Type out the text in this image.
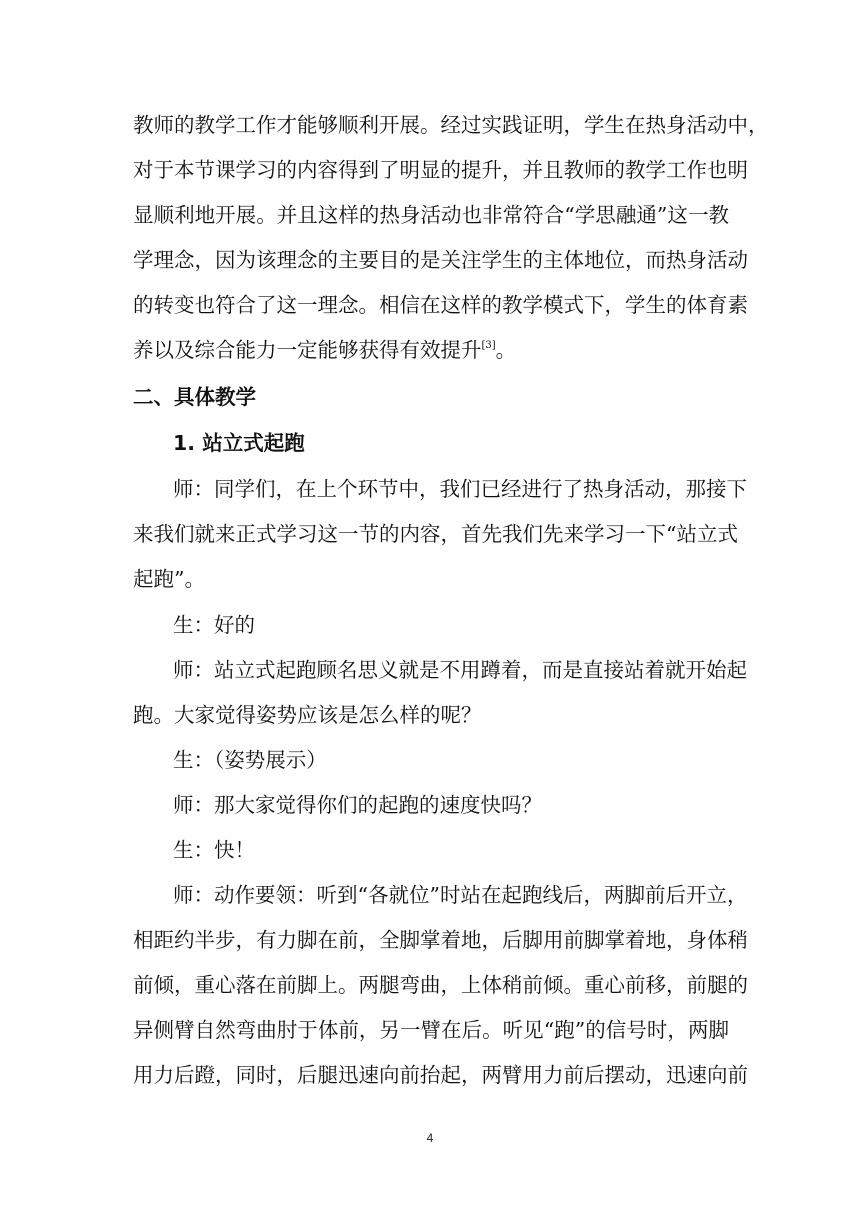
教师的教学工作才能够顺利开展。经过实践证明，学生在热身活动中，
对于本节课学习的内容得到了明显的提升，并且教师的教学工作也明
显顺利地开展。并且这样的热身活动也非常符合“学思融通”这一教
学理念，因为该理念的主要目的是关注学生的主体地位，而热身活动
的转变也符合了这一理念。相信在这样的教学模式下，学生的体育素
养以及综合能力一定能够获得有效提升[3]。
二、具体教学
1. 站立式起跑
师：同学们，在上个环节中，我们已经进行了热身活动，那接下
来我们就来正式学习这一节的内容，首先我们先来学习一下“站立式
起跑”。
生：好的
师：站立式起跑顾名思义就是不用蹲着，而是直接站着就开始起
跑。大家觉得姿势应该是怎么样的呢？
生：（姿势展示）
师：那大家觉得你们的起跑的速度快吗？
生：快！
师：动作要领：听到“各就位”时站在起跑线后，两脚前后开立，
相距约半步，有力脚在前，全脚掌着地，后脚用前脚掌着地，身体稍
前倾，重心落在前脚上。两腿弯曲，上体稍前倾。重心前移，前腿的
异侧臂自然弯曲肘于体前，另一臂在后。听见“跑”的信号时，两脚
用力后蹬，同时，后腿迅速向前抬起，两臂用力前后摆动，迅速向前
4
